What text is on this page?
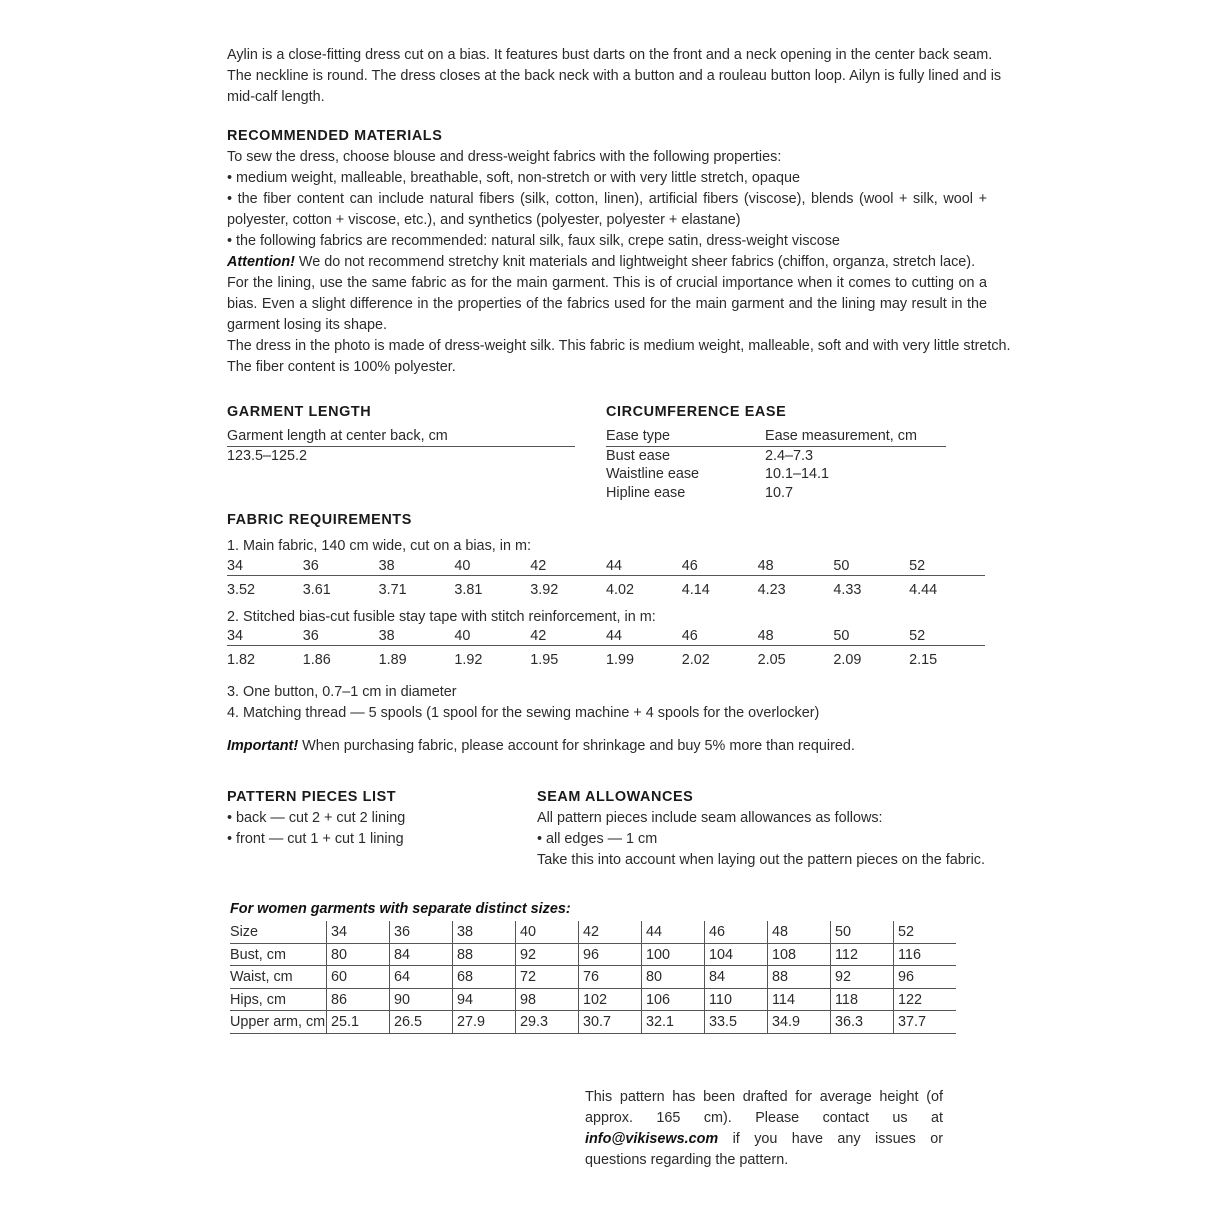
Aylin is a close-fitting dress cut on a bias. It features bust darts on the front and a neck opening in the center back seam.

The neckline is round. The dress closes at the back neck with a button and a rouleau button loop. Ailyn is fully lined and is

mid-calf length.

RECOMMENDED MATERIALS

To sew the dress, choose blouse and dress-weight fabrics with the following properties:

• medium weight, malleable, breathable, soft, non-stretch or with very little stretch, opaque

• the fiber content can include natural fibers (silk, cotton, linen), artificial fibers (viscose), blends (wool + silk, wool + polyester, cotton + viscose, etc.), and synthetics (polyester, polyester + elastane)

• the following fabrics are recommended: natural silk, faux silk, crepe satin, dress-weight viscose

Attention! We do not recommend stretchy knit materials and lightweight sheer fabrics (chiffon, organza, stretch lace).

For the lining, use the same fabric as for the main garment. This is of crucial importance when it comes to cutting on a bias. Even a slight difference in the properties of the fabrics used for the main garment and the lining may result in the garment losing its shape.

The dress in the photo is made of dress-weight silk. This fabric is medium weight, malleable, soft and with very little stretch.

The fiber content is 100% polyester.

GARMENT LENGTH
Garment length at center back, cm
123.5–125.2
CIRCUMFERENCE EASE
Ease type	Ease measurement, cm
Bust ease	2.4–7.3
Waistline ease	10.1–14.1
Hipline ease	10.7
FABRIC REQUIREMENTS

1. Main fabric, 140 cm wide, cut on a bias, in m:

34	36	38	40	42	44	46	48	50	52
3.52	3.61	3.71	3.81	3.92	4.02	4.14	4.23	4.33	4.44

2. Stitched bias-cut fusible stay tape with stitch reinforcement, in m:

34	36	38	40	42	44	46	48	50	52
1.82	1.86	1.89	1.92	1.95	1.99	2.02	2.05	2.09	2.15

3. One button, 0.7–1 cm in diameter

4. Matching thread — 5 spools (1 spool for the sewing machine + 4 spools for the overlocker)

Important! When purchasing fabric, please account for shrinkage and buy 5% more than required.

PATTERN PIECES LIST

• back — cut 2 + cut 2 lining

• front — cut 1 + cut 1 lining

SEAM ALLOWANCES

All pattern pieces include seam allowances as follows:

• all edges — 1 cm

Take this into account when laying out the pattern pieces on the fabric.

For women garments with separate distinct sizes:

Size	34	36	38	40	42	44	46	48	50	52
Bust, cm	80	84	88	92	96	100	104	108	112	116
Waist, cm	60	64	68	72	76	80	84	88	92	96
Hips, cm	86	90	94	98	102	106	110	114	118	122
Upper arm, cm	25.1	26.5	27.9	29.3	30.7	32.1	33.5	34.9	36.3	37.7

This pattern has been drafted for average height (of approx. 165 cm). Please contact us at info@vikisews.com if you have any issues or questions regarding the pattern.
